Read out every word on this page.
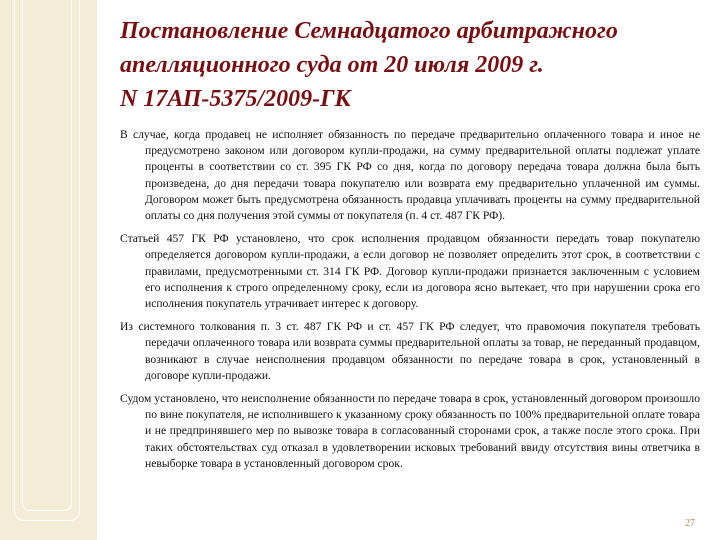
Постановление Семнадцатого арбитражного
апелляционного суда от 20 июля 2009 г.
N 17АП-5375/2009-ГК

В случае, когда продавец не исполняет обязанность по передаче предварительно оплаченного товара и иное не предусмотрено законом или договором купли-продажи, на сумму предварительной оплаты подлежат уплате проценты в соответствии со ст. 395 ГК РФ со дня, когда по договору передача товара должна была быть произведена, до дня передачи товара покупателю или возврата ему предварительно уплаченной им суммы. Договором может быть предусмотрена обязанность продавца уплачивать проценты на сумму предварительной оплаты со дня получения этой суммы от покупателя (п. 4 ст. 487 ГК РФ).

Статьей 457 ГК РФ установлено, что срок исполнения продавцом обязанности передать товар покупателю определяется договором купли-продажи, а если договор не позволяет определить этот срок, в соответствии с правилами, предусмотренными ст. 314 ГК РФ. Договор купли-продажи признается заключенным с условием его исполнения к строго определенному сроку, если из договора ясно вытекает, что при нарушении срока его исполнения покупатель утрачивает интерес к договору.

Из системного толкования п. 3 ст. 487 ГК РФ и ст. 457 ГК РФ следует, что правомочия покупателя требовать передачи оплаченного товара или возврата суммы предварительной оплаты за товар, не переданный продавцом, возникают в случае неисполнения продавцом обязанности по передаче товара в срок, установленный в договоре купли-продажи.

Судом установлено, что неисполнение обязанности по передаче товара в срок, установленный договором произошло по вине покупателя, не исполнившего к указанному сроку обязанность по 100% предварительной оплате товара и не предпринявшего мер по вывозке товара в согласованный сторонами срок, а также после этого срока. При таких обстоятельствах суд отказал в удовлетворении исковых требований ввиду отсутствия вины ответчика в невыборке товара в установленный договором срок.

27
